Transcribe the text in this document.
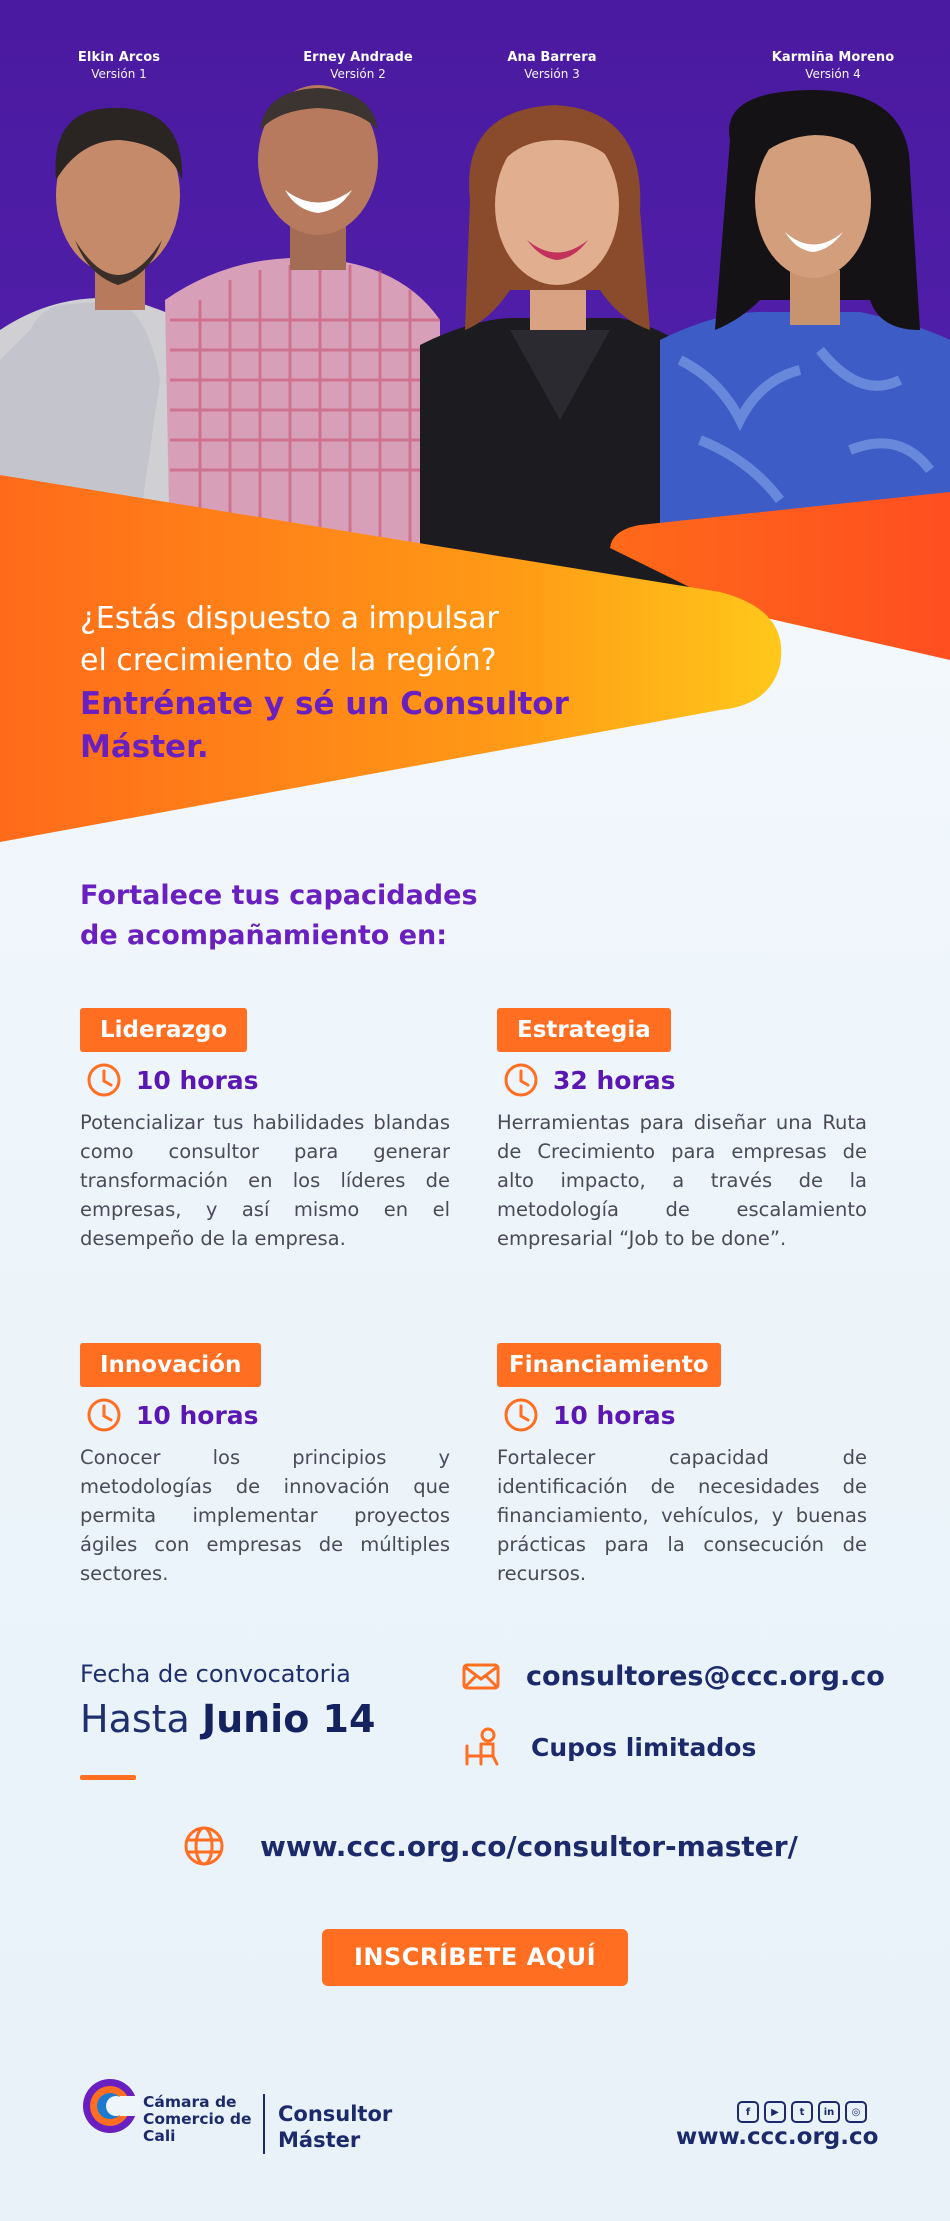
Elkin Arcos
Versión 1
Erney Andrade
Versión 2
Ana Barrera
Versión 3
Karmiña Moreno
Versión 4
¿Estás dispuesto a impulsar
el crecimiento de la región?
Entrénate y sé un Consultor
Máster.
Fortalece tus capacidades
de acompañamiento en:
Liderazgo
10 horas
Potencializar tus habilidades blandas como consultor para generar transformación en los líderes de empresas, y así mismo en el desempeño de la empresa.
Estrategia
32 horas
Herramientas para diseñar una Ruta de Crecimiento para empresas de alto impacto, a través de la metodología de escalamiento empresarial “Job to be done”.
Innovación
10 horas
Conocer los principios y metodologías de innovación que permita implementar proyectos ágiles con empresas de múltiples sectores.
Financiamiento
10 horas
Fortalecer capacidad de identificación de necesidades de financiamiento, vehículos, y buenas prácticas para la consecución de recursos.
Fecha de convocatoria
Hasta Junio 14
consultores@ccc.org.co
Cupos limitados
www.ccc.org.co/consultor-master/
INSCRÍBETE AQUÍ
Cámara de
Comercio de
Cali
Consultor
Máster
f	▶	t	in	◎
www.ccc.org.co
